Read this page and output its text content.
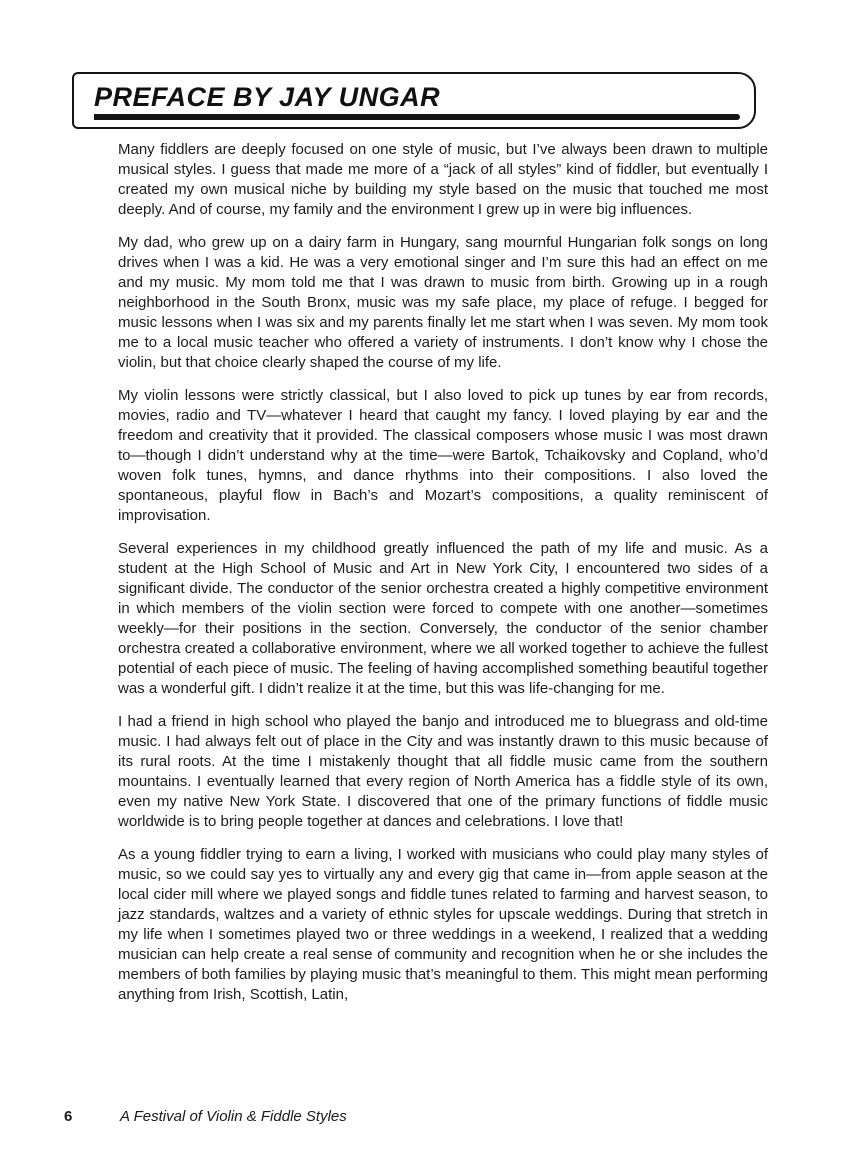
PREFACE BY JAY UNGAR

Many fiddlers are deeply focused on one style of music, but I’ve always been drawn to multiple musical styles. I guess that made me more of a “jack of all styles” kind of fiddler, but eventually I created my own musical niche by building my style based on the music that touched me most deeply. And of course, my family and the environment I grew up in were big influences.

My dad, who grew up on a dairy farm in Hungary, sang mournful Hungarian folk songs on long drives when I was a kid. He was a very emotional singer and I’m sure this had an effect on me and my music. My mom told me that I was drawn to music from birth. Growing up in a rough neighborhood in the South Bronx, music was my safe place, my place of refuge. I begged for music lessons when I was six and my parents finally let me start when I was seven. My mom took me to a local music teacher who offered a variety of instruments. I don’t know why I chose the violin, but that choice clearly shaped the course of my life.

My violin lessons were strictly classical, but I also loved to pick up tunes by ear from records, movies, radio and TV—whatever I heard that caught my fancy. I loved playing by ear and the freedom and creativity that it provided. The classical composers whose music I was most drawn to—though I didn’t understand why at the time—were Bartok, Tchaikovsky and Copland, who’d woven folk tunes, hymns, and dance rhythms into their compositions. I also loved the spontaneous, playful flow in Bach’s and Mozart’s compositions, a quality reminiscent of improvisation.

Several experiences in my childhood greatly influenced the path of my life and music. As a student at the High School of Music and Art in New York City, I encountered two sides of a significant divide. The conductor of the senior orchestra created a highly competitive environment in which members of the violin section were forced to compete with one another—sometimes weekly—for their positions in the section. Conversely, the conductor of the senior chamber orchestra created a collaborative environment, where we all worked together to achieve the fullest potential of each piece of music. The feeling of having accomplished something beautiful together was a wonderful gift. I didn’t realize it at the time, but this was life-changing for me.

I had a friend in high school who played the banjo and introduced me to bluegrass and old-time music. I had always felt out of place in the City and was instantly drawn to this music because of its rural roots. At the time I mistakenly thought that all fiddle music came from the southern mountains. I eventually learned that every region of North America has a fiddle style of its own, even my native New York State. I discovered that one of the primary functions of fiddle music worldwide is to bring people together at dances and celebrations. I love that!

As a young fiddler trying to earn a living, I worked with musicians who could play many styles of music, so we could say yes to virtually any and every gig that came in—from apple season at the local cider mill where we played songs and fiddle tunes related to farming and harvest season, to jazz standards, waltzes and a variety of ethnic styles for upscale weddings. During that stretch in my life when I sometimes played two or three weddings in a weekend, I realized that a wedding musician can help create a real sense of community and recognition when he or she includes the members of both families by playing music that’s meaningful to them. This might mean performing anything from Irish, Scottish, Latin,

6	A Festival of Violin & Fiddle Styles
